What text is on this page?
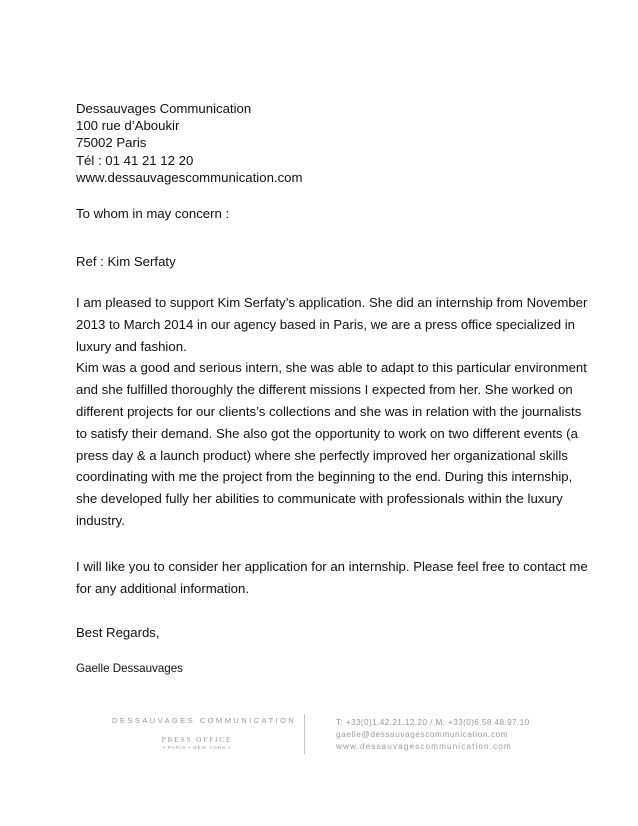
Dessauvages Communication
100 rue d’Aboukir
75002 Paris
Tél : 01 41 21 12 20
www.dessauvagescommunication.com
To whom in may concern :
Ref : Kim Serfaty
I am pleased to support Kim Serfaty’s application. She did an internship from November
2013 to March 2014 in our agency based in Paris, we are a press office specialized in
luxury and fashion.
Kim was a good and serious intern, she was able to adapt to this particular environment
and she fulfilled thoroughly the different missions I expected from her. She worked on
different projects for our clients’s collections and she was in relation with the journalists
to satisfy their demand. She also got the opportunity to work on two different events (a
press day & a launch product) where she perfectly improved her organizational skills
coordinating with me the project from the beginning to the end. During this internship,
she developed fully her abilities to communicate with professionals within the luxury
industry.
I will like you to consider her application for an internship. Please feel free to contact me
for any additional information.
Best Regards,
Gaelle Dessauvages
DESSAUVAGES COMMUNICATION
PRESS OFFICE
• PARIS • NEW YORK •
T: +33(0)1.42.21.12.20 / M: +33(0)6.58.48.97.10
gaelle@dessauvagescommunication.com
www.dessauvagescommunication.com
